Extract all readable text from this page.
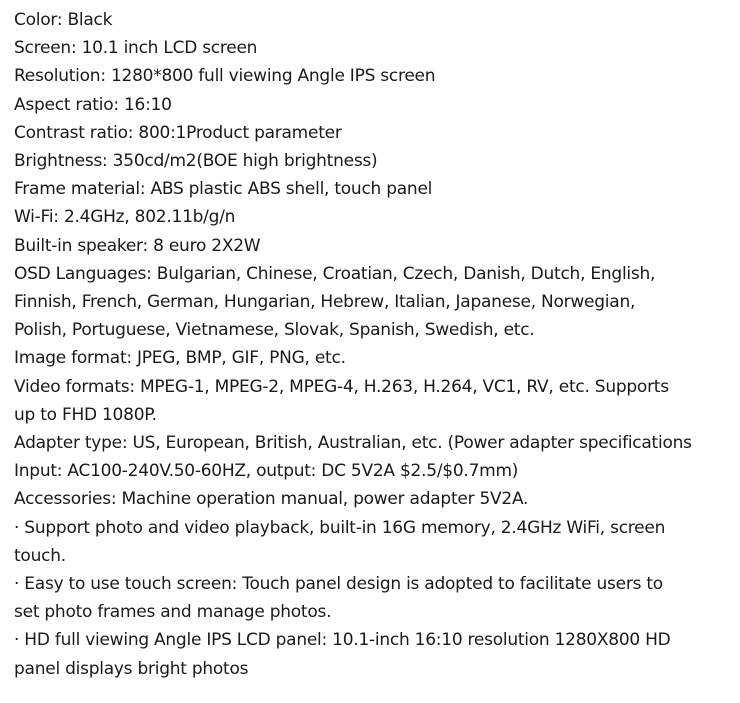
Color: Black
Screen: 10.1 inch LCD screen
Resolution: 1280*800 full viewing Angle IPS screen
Aspect ratio: 16:10
Contrast ratio: 800:1Product parameter
Brightness: 350cd/m2(BOE high brightness)
Frame material: ABS plastic ABS shell, touch panel
Wi-Fi: 2.4GHz, 802.11b/g/n
Built-in speaker: 8 euro 2X2W
OSD Languages: Bulgarian, Chinese, Croatian, Czech, Danish, Dutch, English,
Finnish, French, German, Hungarian, Hebrew, Italian, Japanese, Norwegian,
Polish, Portuguese, Vietnamese, Slovak, Spanish, Swedish, etc.
Image format: JPEG, BMP, GIF, PNG, etc.
Video formats: MPEG-1, MPEG-2, MPEG-4, H.263, H.264, VC1, RV, etc. Supports
up to FHD 1080P.
Adapter type: US, European, British, Australian, etc. (Power adapter specifications
Input: AC100-240V.50-60HZ, output: DC 5V2A $2.5/$0.7mm)
Accessories: Machine operation manual, power adapter 5V2A.
· Support photo and video playback, built-in 16G memory, 2.4GHz WiFi, screen
touch.
· Easy to use touch screen: Touch panel design is adopted to facilitate users to
set photo frames and manage photos.
· HD full viewing Angle IPS LCD panel: 10.1-inch 16:10 resolution 1280X800 HD
panel displays bright photos
